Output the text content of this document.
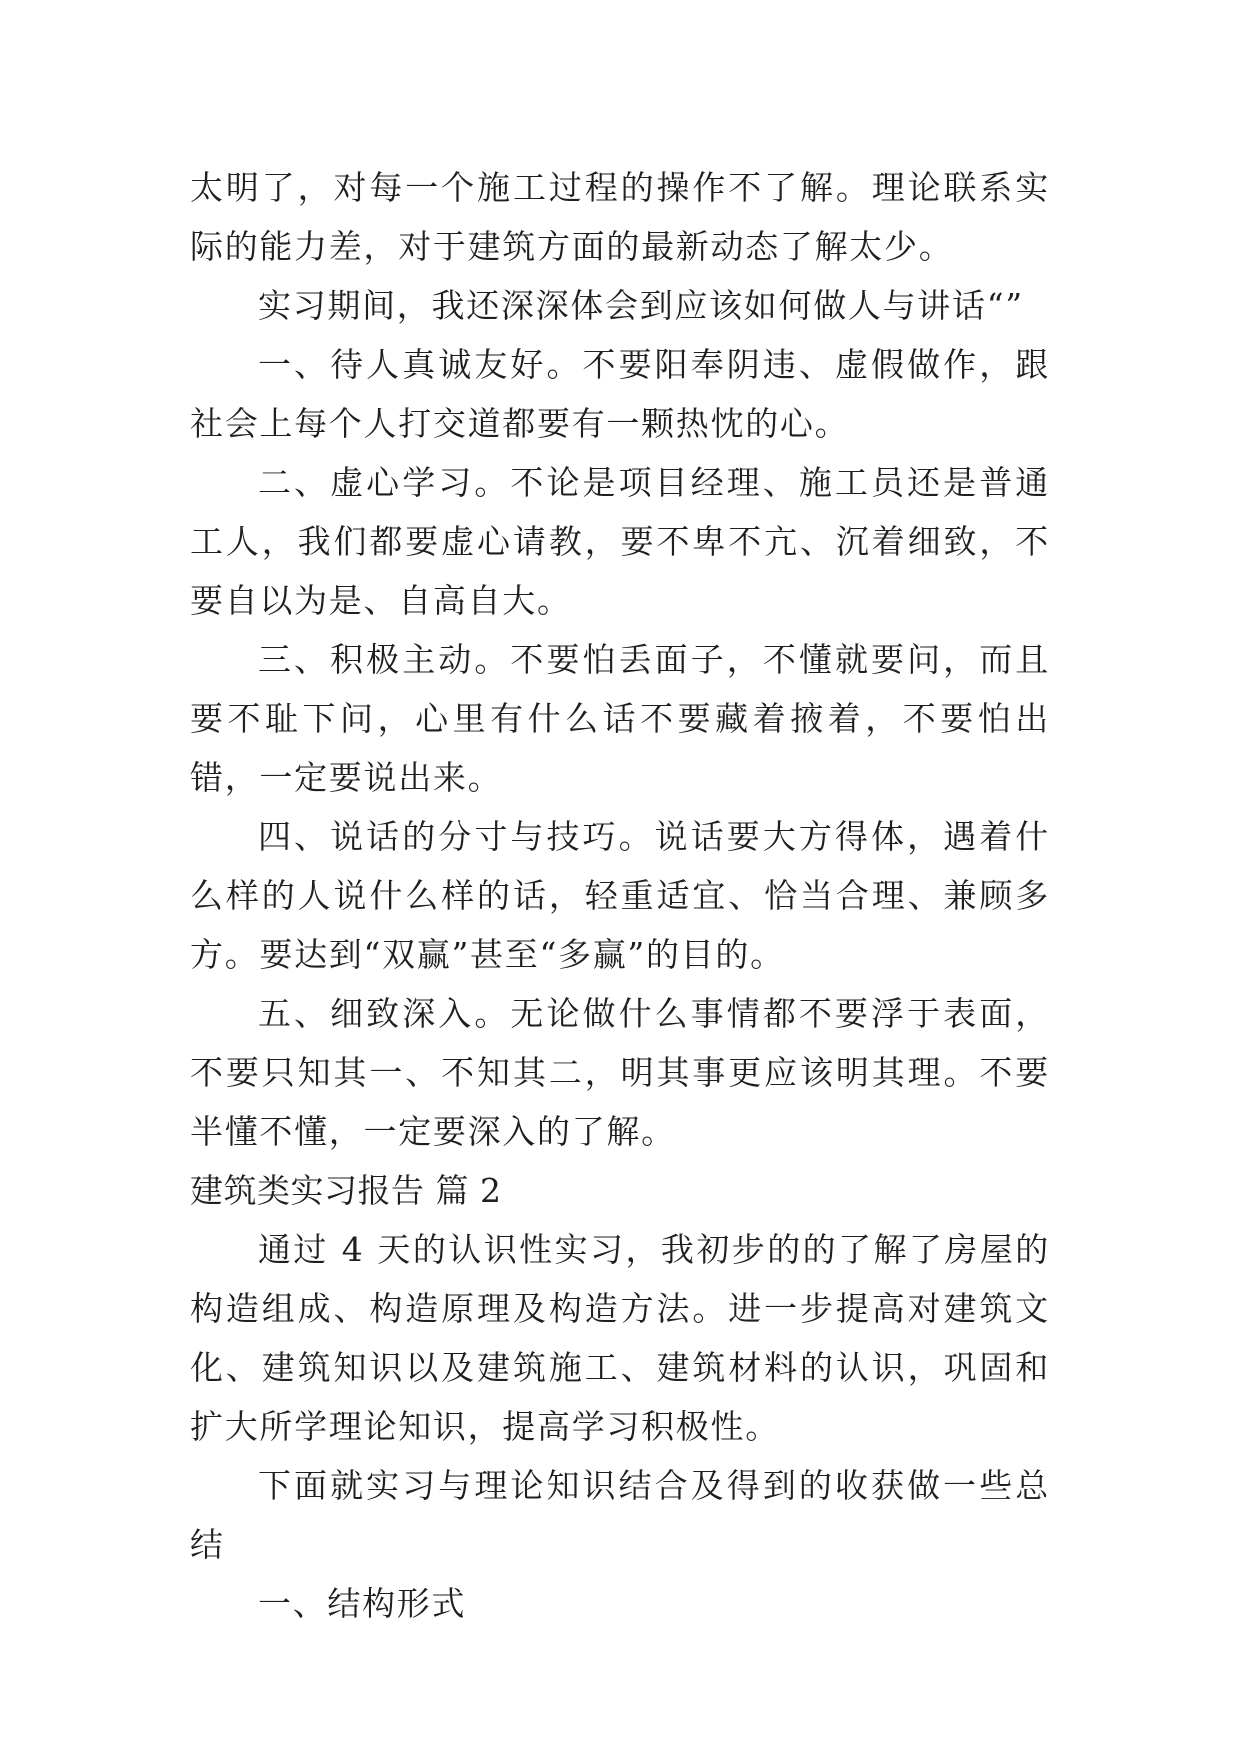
太明了，对每一个施工过程的操作不了解。理论联系实际的能力差，对于建筑方面的最新动态了解太少。

实习期间，我还深深体会到应该如何做人与讲话“”

一、待人真诚友好。不要阳奉阴违、虚假做作，跟社会上每个人打交道都要有一颗热忱的心。

二、虚心学习。不论是项目经理、施工员还是普通工人，我们都要虚心请教，要不卑不亢、沉着细致，不要自以为是、自高自大。

三、积极主动。不要怕丢面子，不懂就要问，而且要不耻下问，心里有什么话不要藏着掖着，不要怕出错，一定要说出来。

四、说话的分寸与技巧。说话要大方得体，遇着什么样的人说什么样的话，轻重适宜、恰当合理、兼顾多方。要达到“双赢”甚至“多赢”的目的。

五、细致深入。无论做什么事情都不要浮于表面，不要只知其一、不知其二，明其事更应该明其理。不要半懂不懂，一定要深入的了解。

建筑类实习报告 篇 2

通过 4 天的认识性实习，我初步的的了解了房屋的构造组成、构造原理及构造方法。进一步提高对建筑文化、建筑知识以及建筑施工、建筑材料的认识，巩固和扩大所学理论知识，提高学习积极性。

下面就实习与理论知识结合及得到的收获做一些总结

一、结构形式
